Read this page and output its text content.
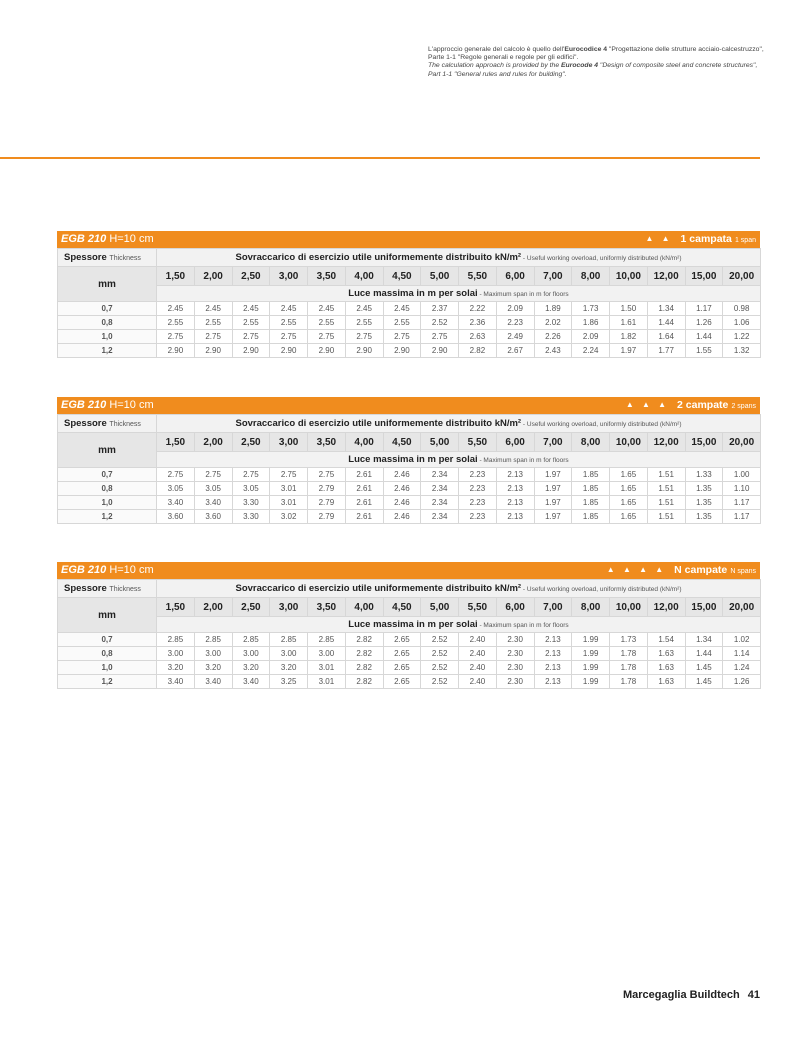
L'approccio generale del calcolo è quello dell'Eurocodice 4 "Progettazione delle strutture acciaio-calcestruzzo", Parte 1-1 "Regole generali e regole per gli edifici".

The calculation approach is provided by the Eurocode 4 "Design of composite steel and concrete structures", Part 1-1 "General rules and rules for building".

EGB 210 H=10 cm	▲ ▲ 1 campata 1 span
Spessore Thickness	Sovraccarico di esercizio utile uniformemente distribuito kN/m² - Useful working overload, uniformly distributed (kN/m²)															
mm	1,50	2,00	2,50	3,00	3,50	4,00	4,50	5,00	5,50	6,00	7,00	8,00	10,00	12,00	15,00	20,00
	Luce massima in m per solai - Maximum span in m for floors															
0,7	2.45	2.45	2.45	2.45	2.45	2.45	2.45	2.37	2.22	2.09	1.89	1.73	1.50	1.34	1.17	0.98
0,8	2.55	2.55	2.55	2.55	2.55	2.55	2.55	2.52	2.36	2.23	2.02	1.86	1.61	1.44	1.26	1.06
1,0	2.75	2.75	2.75	2.75	2.75	2.75	2.75	2.75	2.63	2.49	2.26	2.09	1.82	1.64	1.44	1.22
1,2	2.90	2.90	2.90	2.90	2.90	2.90	2.90	2.90	2.82	2.67	2.43	2.24	1.97	1.77	1.55	1.32
EGB 210 H=10 cm	▲ ▲ ▲ 2 campate 2 spans
Spessore Thickness	Sovraccarico di esercizio utile uniformemente distribuito kN/m² - Useful working overload, uniformly distributed (kN/m²)															
mm	1,50	2,00	2,50	3,00	3,50	4,00	4,50	5,00	5,50	6,00	7,00	8,00	10,00	12,00	15,00	20,00
	Luce massima in m per solai - Maximum span in m for floors															
0,7	2.75	2.75	2.75	2.75	2.75	2.61	2.46	2.34	2.23	2.13	1.97	1.85	1.65	1.51	1.33	1.00
0,8	3.05	3.05	3.05	3.01	2.79	2.61	2.46	2.34	2.23	2.13	1.97	1.85	1.65	1.51	1.35	1.10
1,0	3.40	3.40	3.30	3.01	2.79	2.61	2.46	2.34	2.23	2.13	1.97	1.85	1.65	1.51	1.35	1.17
1,2	3.60	3.60	3.30	3.02	2.79	2.61	2.46	2.34	2.23	2.13	1.97	1.85	1.65	1.51	1.35	1.17
EGB 210 H=10 cm	▲ ▲ ▲ ▲ N campate N spans
Spessore Thickness	Sovraccarico di esercizio utile uniformemente distribuito kN/m² - Useful working overload, uniformly distributed (kN/m²)															
mm	1,50	2,00	2,50	3,00	3,50	4,00	4,50	5,00	5,50	6,00	7,00	8,00	10,00	12,00	15,00	20,00
	Luce massima in m per solai - Maximum span in m for floors															
0,7	2.85	2.85	2.85	2.85	2.85	2.82	2.65	2.52	2.40	2.30	2.13	1.99	1.73	1.54	1.34	1.02
0,8	3.00	3.00	3.00	3.00	3.00	2.82	2.65	2.52	2.40	2.30	2.13	1.99	1.78	1.63	1.44	1.14
1,0	3.20	3.20	3.20	3.20	3.01	2.82	2.65	2.52	2.40	2.30	2.13	1.99	1.78	1.63	1.45	1.24
1,2	3.40	3.40	3.40	3.25	3.01	2.82	2.65	2.52	2.40	2.30	2.13	1.99	1.78	1.63	1.45	1.26
Marcegaglia Buildtech 41
